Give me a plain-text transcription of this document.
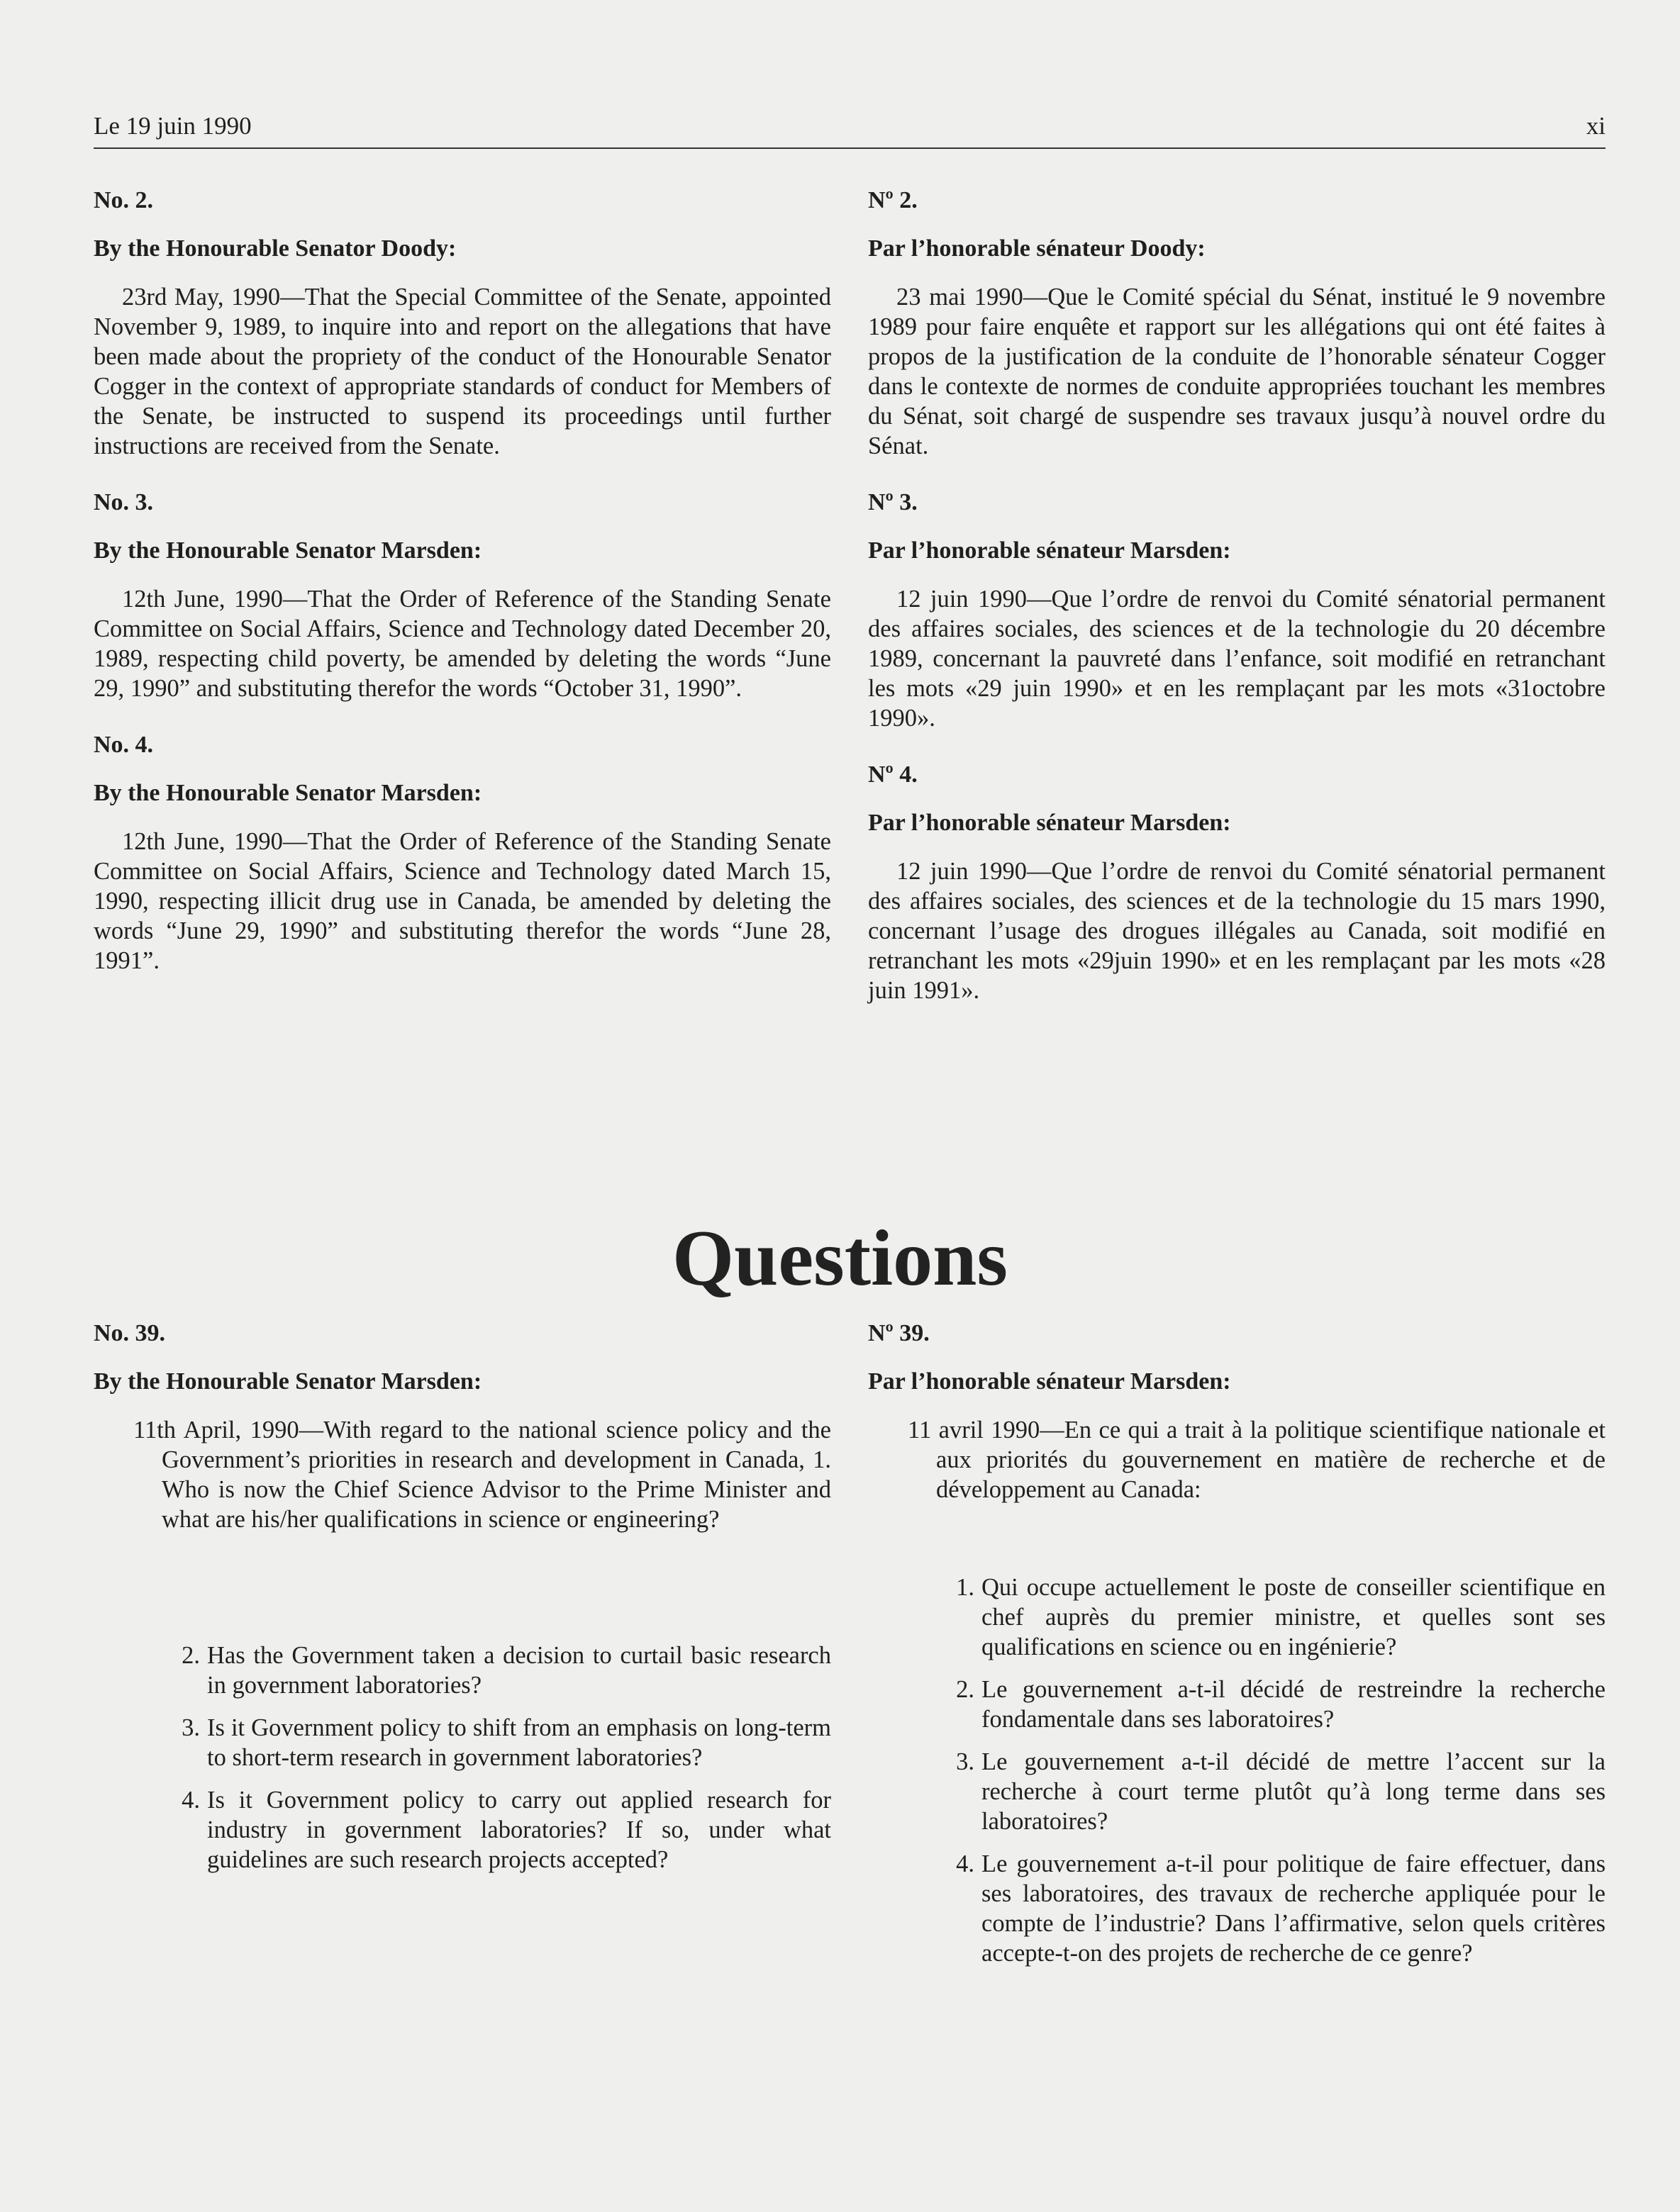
Le 19 juin 1990	xi

No. 2.

By the Honourable Senator Doody:

23rd May, 1990—That the Special Committee of the Senate, appointed November 9, 1989, to inquire into and report on the allegations that have been made about the propriety of the conduct of the Honourable Senator Cogger in the context of appropriate standards of conduct for Members of the Senate, be instructed to suspend its proceedings until further instructions are received from the Senate.

No. 3.

By the Honourable Senator Marsden:

12th June, 1990—That the Order of Reference of the Standing Senate Committee on Social Affairs, Science and Technology dated December 20, 1989, respecting child poverty, be amended by deleting the words “June 29, 1990” and substituting therefor the words “October 31, 1990”.

No. 4.

By the Honourable Senator Marsden:

12th June, 1990—That the Order of Reference of the Standing Senate Committee on Social Affairs, Science and Technology dated March 15, 1990, respecting illicit drug use in Canada, be amended by deleting the words “June 29, 1990” and substituting therefor the words “June 28, 1991”.

Nº 2.

Par l’honorable sénateur Doody:

23 mai 1990—Que le Comité spécial du Sénat, institué le 9 novembre 1989 pour faire enquête et rapport sur les allégations qui ont été faites à propos de la justification de la conduite de l’honorable sénateur Cogger dans le contexte de normes de conduite appropriées touchant les membres du Sénat, soit chargé de suspendre ses travaux jusqu’à nouvel ordre du Sénat.

Nº 3.

Par l’honorable sénateur Marsden:

12 juin 1990—Que l’ordre de renvoi du Comité sénatorial permanent des affaires sociales, des sciences et de la technologie du 20 décembre 1989, concernant la pauvreté dans l’enfance, soit modifié en retranchant les mots «29 juin 1990» et en les remplaçant par les mots «31octobre 1990».

Nº 4.

Par l’honorable sénateur Marsden:

12 juin 1990—Que l’ordre de renvoi du Comité sénatorial permanent des affaires sociales, des sciences et de la technologie du 15 mars 1990, concernant l’usage des drogues illégales au Canada, soit modifié en retranchant les mots «29juin 1990» et en les remplaçant par les mots «28 juin 1991».

Questions

No. 39.

By the Honourable Senator Marsden:

11th April, 1990—With regard to the national science policy and the Government’s priorities in research and development in Canada, 1. Who is now the Chief Science Advisor to the Prime Minister and what are his/her qualifications in science or engineering?

2. Has the Government taken a decision to curtail basic research in government laboratories?
3. Is it Government policy to shift from an emphasis on long-term to short-term research in government laboratories?
4. Is it Government policy to carry out applied research for industry in government laboratories? If so, under what guidelines are such research projects accepted?

Nº 39.

Par l’honorable sénateur Marsden:

11 avril 1990—En ce qui a trait à la politique scientifique nationale et aux priorités du gouvernement en matière de recherche et de développement au Canada:

1. Qui occupe actuellement le poste de conseiller scientifique en chef auprès du premier ministre, et quelles sont ses qualifications en science ou en ingénierie?
2. Le gouvernement a-t-il décidé de restreindre la recherche fondamentale dans ses laboratoires?
3. Le gouvernement a-t-il décidé de mettre l’accent sur la recherche à court terme plutôt qu’à long terme dans ses laboratoires?
4. Le gouvernement a-t-il pour politique de faire effectuer, dans ses laboratoires, des travaux de recherche appliquée pour le compte de l’industrie? Dans l’affirmative, selon quels critères accepte-t-on des projets de recherche de ce genre?
